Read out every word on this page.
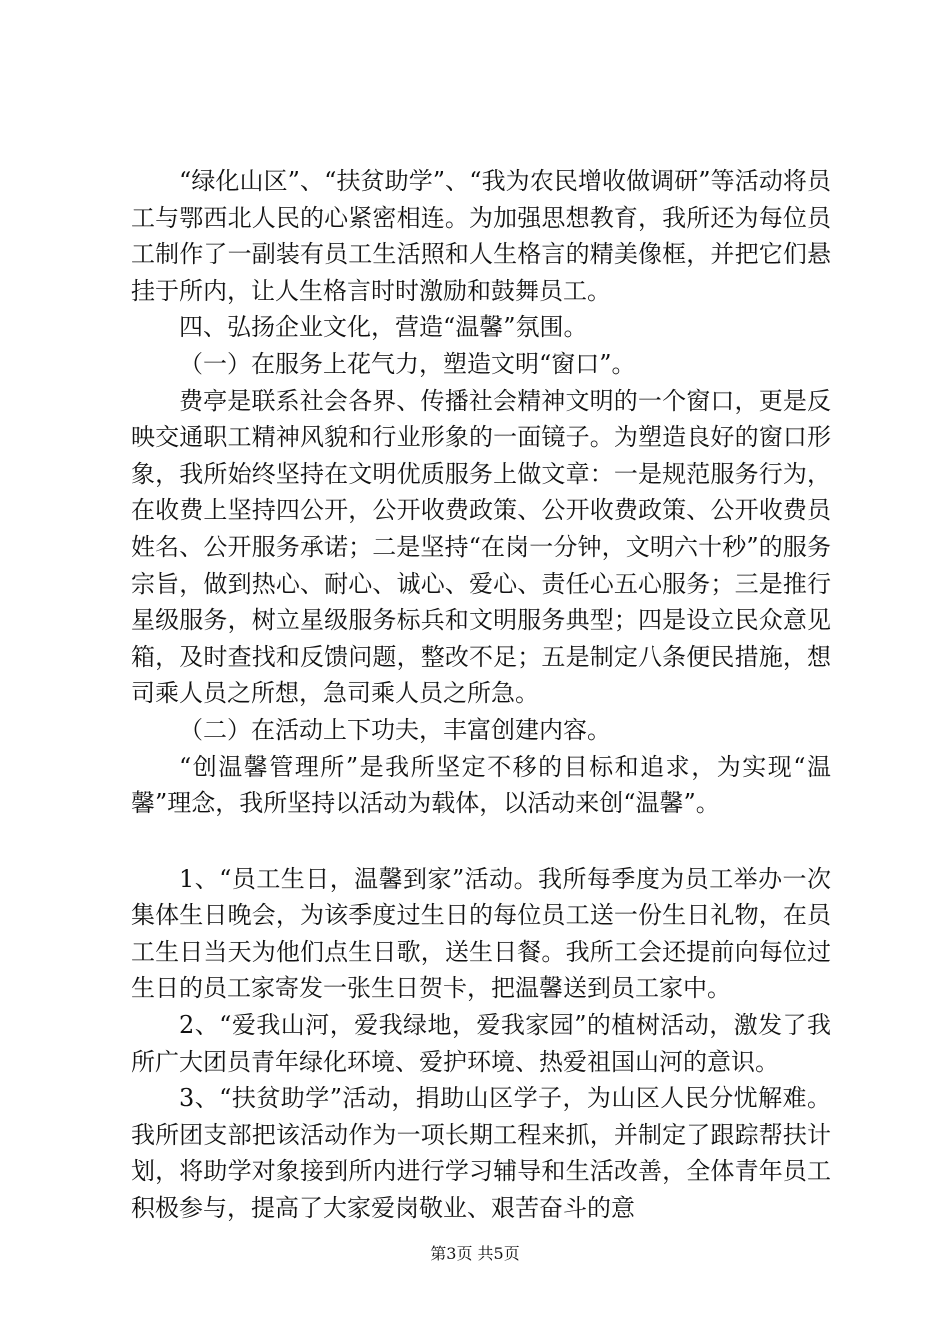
“绿化山区”、“扶贫助学”、“我为农民增收做调研”等活动将员工与鄂西北人民的心紧密相连。为加强思想教育，我所还为每位员工制作了一副装有员工生活照和人生格言的精美像框，并把它们悬挂于所内，让人生格言时时激励和鼓舞员工。

四、弘扬企业文化，营造“温馨”氛围。

（一）在服务上花气力，塑造文明“窗口”。

费亭是联系社会各界、传播社会精神文明的一个窗口，更是反映交通职工精神风貌和行业形象的一面镜子。为塑造良好的窗口形象，我所始终坚持在文明优质服务上做文章：一是规范服务行为，在收费上坚持四公开，公开收费政策、公开收费政策、公开收费员姓名、公开服务承诺；二是坚持“在岗一分钟，文明六十秒”的服务宗旨，做到热心、耐心、诚心、爱心、责任心五心服务；三是推行星级服务，树立星级服务标兵和文明服务典型；四是设立民众意见箱，及时查找和反馈问题，整改不足；五是制定八条便民措施，想司乘人员之所想，急司乘人员之所急。

（二）在活动上下功夫，丰富创建内容。

“创温馨管理所”是我所坚定不移的目标和追求，为实现“温馨”理念，我所坚持以活动为载体，以活动来创“温馨”。

1、“员工生日，温馨到家”活动。我所每季度为员工举办一次集体生日晚会，为该季度过生日的每位员工送一份生日礼物，在员工生日当天为他们点生日歌，送生日餐。我所工会还提前向每位过生日的员工家寄发一张生日贺卡，把温馨送到员工家中。

2、“爱我山河，爱我绿地，爱我家园”的植树活动，激发了我所广大团员青年绿化环境、爱护环境、热爱祖国山河的意识。

3、“扶贫助学”活动，捐助山区学子，为山区人民分忧解难。我所团支部把该活动作为一项长期工程来抓，并制定了跟踪帮扶计划，将助学对象接到所内进行学习辅导和生活改善，全体青年员工积极参与，提高了大家爱岗敬业、艰苦奋斗的意

第3页 共5页
